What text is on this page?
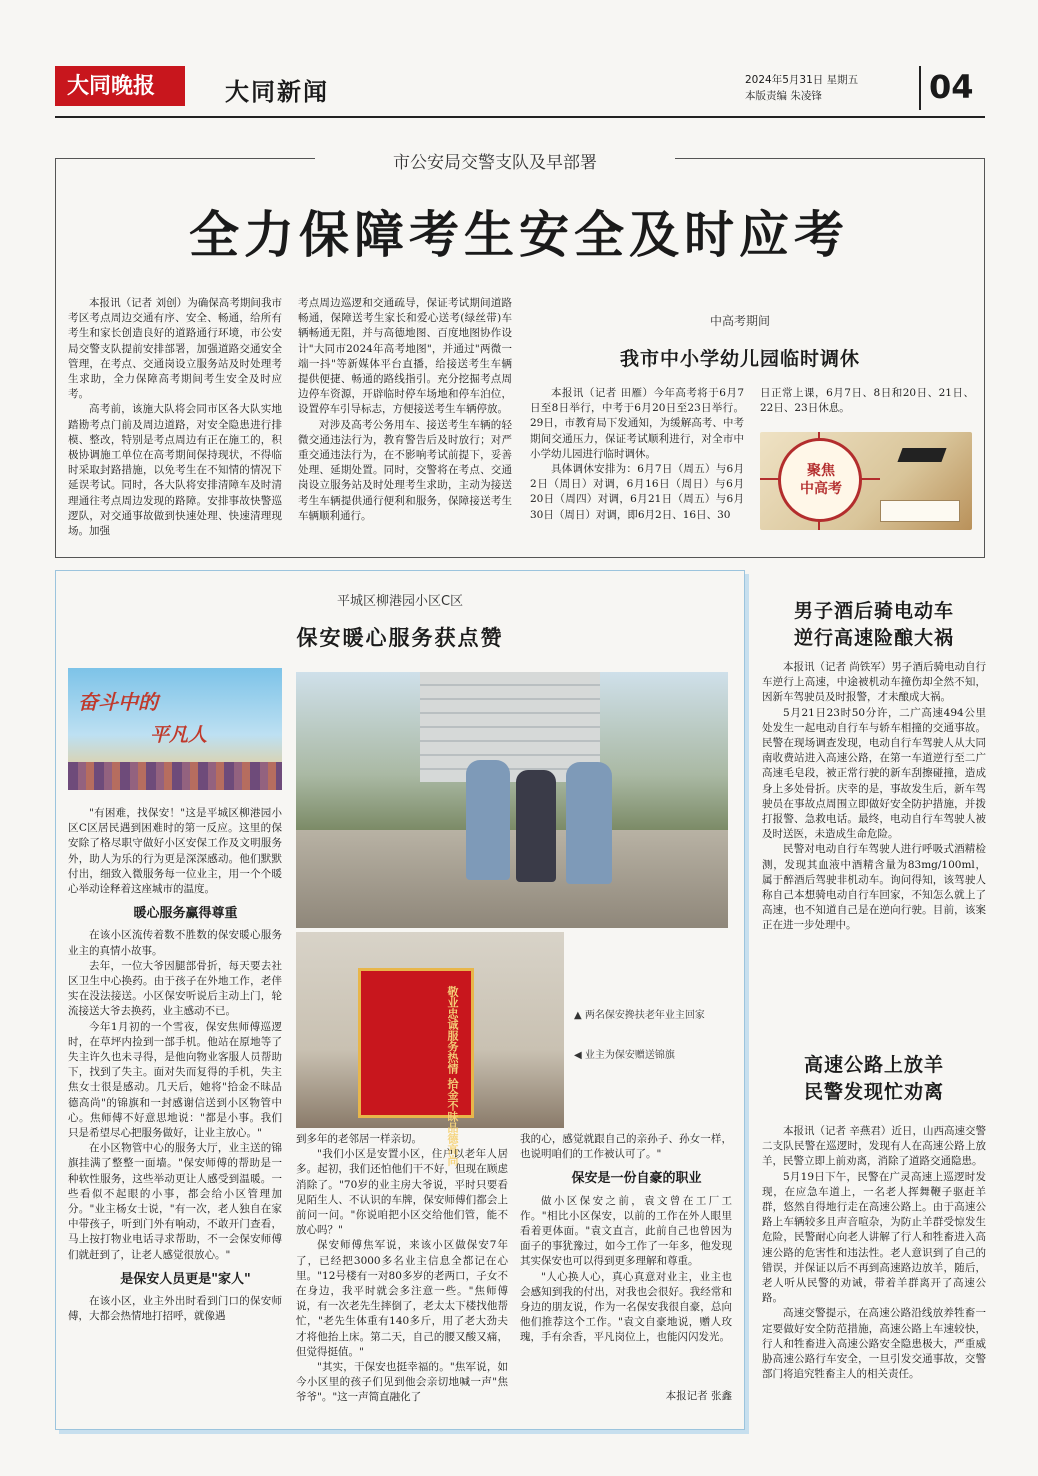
大同晚报	大同新闻	2024年5月31日 星期五
本版责编 朱凌锋	04
市公安局交警支队及早部署
全力保障考生安全及时应考

本报讯（记者 刘创）为确保高考期间我市考区考点周边交通有序、安全、畅通，给所有考生和家长创造良好的道路通行环境，市公安局交警支队提前安排部署，加强道路交通安全管理，在考点、交通岗设立服务站及时处理考生求助，全力保障高考期间考生安全及时应考。

高考前，该施大队将会同市区各大队实地踏勘考点门前及周边道路，对安全隐患进行排模、整改，特别是考点周边有正在施工的，积极协调施工单位在高考期间保持现状，不得临时采取封路措施，以免考生在不知情的情况下延误考试。同时，各大队将安排清障车及时清理通往考点周边发现的路障。安排事故快警巡逻队，对交通事故做到快速处理、快速清理现场。加强

考点周边巡逻和交通疏导，保证考试期间道路畅通，保障送考生家长和爱心送考(绿丝带)车辆畅通无阻，并与高德地图、百度地图协作设计"大同市2024年高考地图"，并通过"两微一端一抖"等新媒体平台直播，给接送考生车辆提供便捷、畅通的路线指引。充分挖掘考点周边停车资源，开辟临时停车场地和停车泊位，设置停车引导标志，方便接送考生车辆停放。

对涉及高考公务用车、接送考生车辆的轻微交通违法行为，教育警告后及时放行；对严重交通违法行为，在不影响考试前提下，妥善处理、延期处置。同时，交警将在考点、交通岗设立服务站及时处理考生求助，主动为接送考生车辆提供通行便利和服务，保障接送考生车辆顺利通行。

中高考期间
我市中小学幼儿园临时调休

本报讯（记者 田雁）今年高考将于6月7日至8日举行，中考于6月20日至23日举行。29日，市教育局下发通知，为缓解高考、中考期间交通压力，保证考试顺利进行，对全市中小学幼儿园进行临时调休。

具体调休安排为：6月7日（周五）与6月2日（周日）对调，6月16日（周日）与6月20日（周四）对调，6月21日（周五）与6月30日（周日）对调，即6月2日、16日、30

日正常上课，6月7日、8日和20日、21日、22日、23日休息。

聚焦
中高考
平城区柳港园小区C区
保安暖心服务获点赞
奋斗中的
平凡人

"有困难，找保安！"这是平城区柳港园小区C区居民遇到困难时的第一反应。这里的保安除了格尽职守做好小区安保工作及文明服务外，助人为乐的行为更是深深感动。他们默默付出，细致入微服务每一位业主，用一个个暖心举动诠释着这座城市的温度。

暖心服务赢得尊重

在该小区流传着数不胜数的保安暖心服务业主的真情小故事。

去年，一位大爷因腿部骨折，每天要去社区卫生中心换药。由于孩子在外地工作，老伴实在没法接送。小区保安听说后主动上门，轮流接送大爷去换药，业主感动不已。

今年1月初的一个雪夜，保安焦师傅巡逻时，在草坪内捡到一部手机。他站在原地等了失主许久也未寻得，是他向物业客服人员帮助下，找到了失主。面对失而复得的手机，失主焦女士很是感动。几天后，她将"拾金不昧品德高尚"的锦旗和一封感谢信送到小区物管中心。焦师傅不好意思地说："都是小事。我们只是希望尽心把服务做好，让业主放心。"

在小区物管中心的服务大厅，业主送的锦旗挂满了整整一面墙。"保安师傅的帮助是一种软性服务，这些举动更让人感受到温暖。一些看似不起眼的小事，都会给小区管理加分。"业主杨女士说，"有一次，老人独自在家中带孩子，听到门外有响动，不敢开门查看，马上按打物业电话寻求帮助，不一会保安师傅们就赶到了，让老人感觉很放心。"

是保安人员更是"家人"

在该小区，业主外出时看到门口的保安师傅，大都会热情地打招呼，就像遇

敬业忠诚服务热情 拾金不昧品德高尚	▲ 两名保安搀扶老年业主回家
◀ 业主为保安赠送锦旗

到多年的老邻居一样亲切。

"我们小区是安置小区，住户以老年人居多。起初，我们还怕他们干不好，但现在顾虑消除了。"70岁的业主房大爷说，平时只要看见陌生人、不认识的车牌，保安师傅们都会上前问一问。"你说咱把小区交给他们管，能不放心吗？"

保安师傅焦军说，来该小区做保安7年了，已经把3000多名业主信息全都记在心里。"12号楼有一对80多岁的老两口，子女不在身边，我平时就会多注意一些。"焦师傅说，有一次老先生摔倒了，老太太下楼找他帮忙，"老先生体重有140多斤，用了老大劲夫才将他抬上床。第二天，自己的腰又酸又痛，但觉得挺值。"

"其实，干保安也挺幸福的。"焦军说，如今小区里的孩子们见到他会亲切地喊一声"焦爷爷"。"这一声简直融化了

我的心，感觉就跟自己的亲孙子、孙女一样，也说明咱们的工作被认可了。"

保安是一份自豪的职业

做小区保安之前，袁文曾在工厂工作。"相比小区保安，以前的工作在外人眼里看着更体面。"袁文直言，此前自己也曾因为面子的事犹豫过，如今工作了一年多，他发现其实保安也可以得到更多理解和尊重。

"人心换人心，真心真意对业主，业主也会感知到我的付出，对我也会很好。我经常和身边的朋友说，作为一名保安我很自豪，总向他们推荐这个工作。"袁文自豪地说，赠人玫瑰，手有余香，平凡岗位上，也能闪闪发光。

本报记者 张鑫
男子酒后骑电动车
逆行高速险酿大祸

本报讯（记者 尚铁军）男子酒后骑电动自行车逆行上高速，中途被机动车撞伤却全然不知，因新车驾驶员及时报警，才未酿成大祸。

5月21日23时50分许，二广高速494公里处发生一起电动自行车与轿车相撞的交通事故。民警在现场调查发现，电动自行车驾驶人从大同南收费站进入高速公路，在第一车道逆行至二广高速毛皂段，被正常行驶的新车刮擦碰撞，造成身上多处骨折。庆幸的是，事故发生后，新车驾驶员在事故点周围立即做好安全防护措施，并拨打报警、急救电话。最终，电动自行车驾驶人被及时送医，未造成生命危险。

民警对电动自行车驾驶人进行呼吸式酒精检测，发现其血液中酒精含量为83mg/100ml，属于醉酒后驾驶非机动车。询问得知，该驾驶人称自己本想骑电动自行车回家，不知怎么就上了高速，也不知道自己是在逆向行驶。目前，该案正在进一步处理中。

高速公路上放羊
民警发现忙劝离

本报讯（记者 辛燕君）近日，山西高速交警二支队民警在巡逻时，发现有人在高速公路上放羊，民警立即上前劝离，消除了道路交通隐患。

5月19日下午，民警在广灵高速上巡逻时发现，在应急车道上，一名老人挥舞鞭子驱赶羊群，悠然自得地行走在高速公路上。由于高速公路上车辆较多且声音喧杂，为防止羊群受惊发生危险，民警耐心向老人讲解了行人和牲畜进入高速公路的危害性和违法性。老人意识到了自己的错误，并保证以后不再到高速路边放羊，随后，老人听从民警的劝诫，带着羊群离开了高速公路。

高速交警提示，在高速公路沿线放养牲畜一定要做好安全防范措施，高速公路上车速较快，行人和牲畜进入高速公路安全隐患极大，严重威胁高速公路行车安全，一旦引发交通事故，交警部门将追究牲畜主人的相关责任。
